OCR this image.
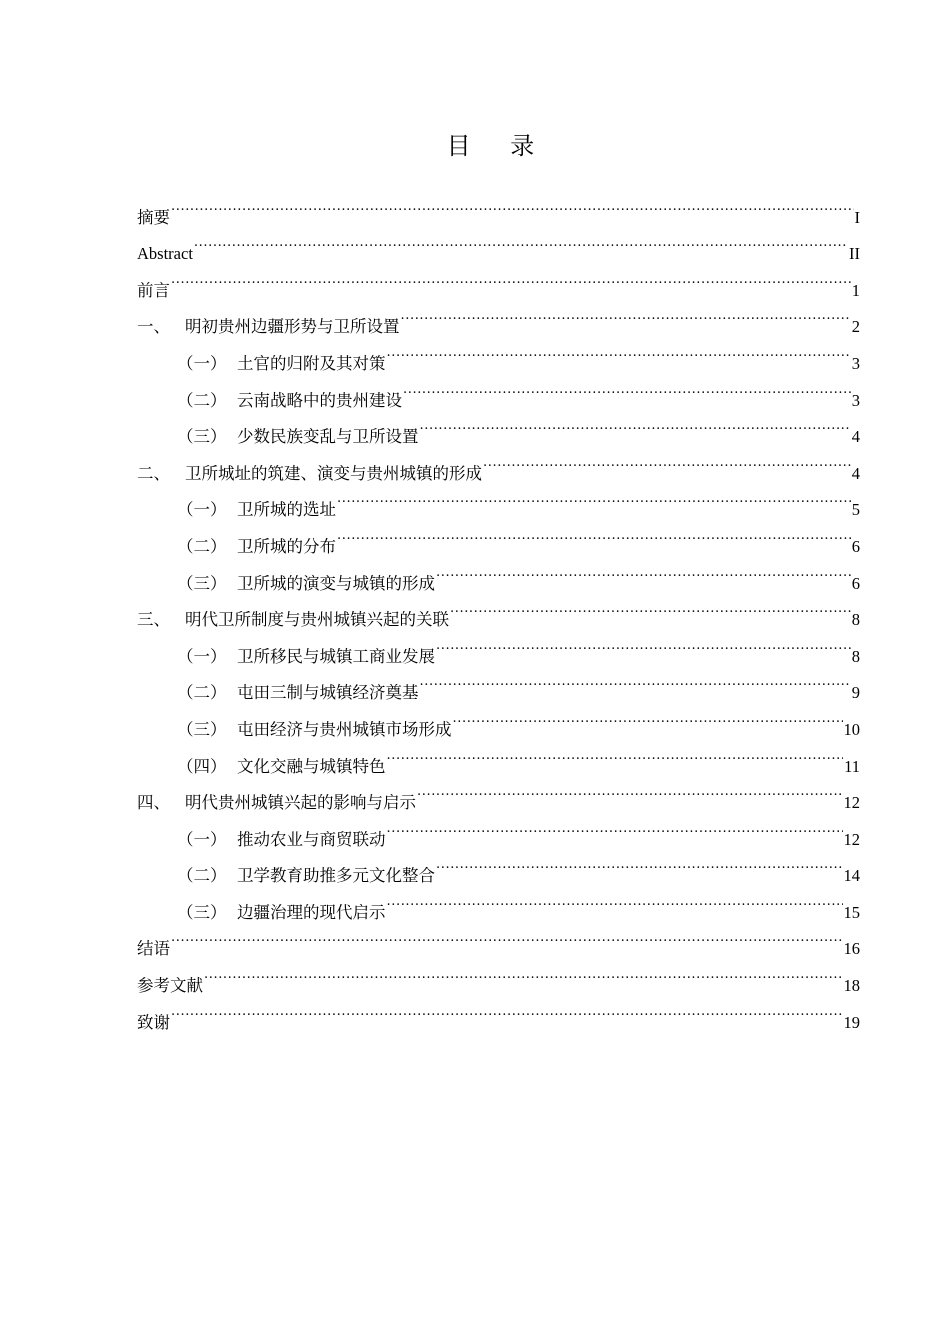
目 录
摘要 .....	I
Abstract .....	II
前言 .....	1
一、 明初贵州边疆形势与卫所设置 .....	2
（一） 土官的归附及其对策 .....	3
（二） 云南战略中的贵州建设 .....	3
（三） 少数民族变乱与卫所设置 .....	4
二、 卫所城址的筑建、演变与贵州城镇的形成 .....	4
（一） 卫所城的选址 .....	5
（二） 卫所城的分布 .....	6
（三） 卫所城的演变与城镇的形成 .....	6
三、 明代卫所制度与贵州城镇兴起的关联 .....	8
（一） 卫所移民与城镇工商业发展 .....	8
（二） 屯田三制与城镇经济奠基 .....	9
（三） 屯田经济与贵州城镇市场形成 .....	10
（四） 文化交融与城镇特色 .....	11
四、 明代贵州城镇兴起的影响与启示 .....	12
（一） 推动农业与商贸联动 .....	12
（二） 卫学教育助推多元文化整合 .....	14
（三） 边疆治理的现代启示 .....	15
结语 .....	16
参考文献 .....	18
致谢 .....	19
